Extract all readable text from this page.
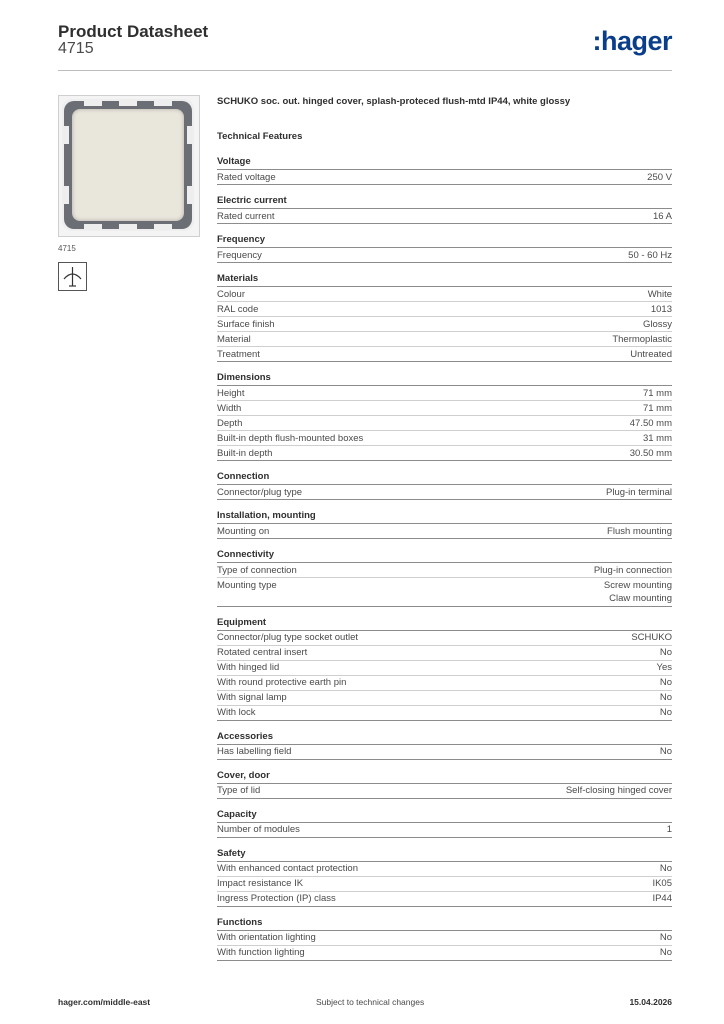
Product Datasheet
4715	:hager
4715
SCHUKO soc. out. hinged cover, splash-proteced flush-mtd IP44, white glossy
Technical Features
Voltage
Rated voltage	250 V
Electric current
Rated current	16 A
Frequency
Frequency	50 - 60 Hz
Materials
Colour	White
RAL code	1013
Surface finish	Glossy
Material	Thermoplastic
Treatment	Untreated
Dimensions
Height	71 mm
Width	71 mm
Depth	47.50 mm
Built-in depth flush-mounted boxes	31 mm
Built-in depth	30.50 mm
Connection
Connector/plug type	Plug-in terminal
Installation, mounting
Mounting on	Flush mounting
Connectivity
Type of connection	Plug-in connection
Mounting type	Screw mounting
Claw mounting
Equipment
Connector/plug type socket outlet	SCHUKO
Rotated central insert	No
With hinged lid	Yes
With round protective earth pin	No
With signal lamp	No
With lock	No
Accessories
Has labelling field	No
Cover, door
Type of lid	Self-closing hinged cover
Capacity
Number of modules	1
Safety
With enhanced contact protection	No
Impact resistance IK	IK05
Ingress Protection (IP) class	IP44
Functions
With orientation lighting	No
With function lighting	No
hager.com/middle-east	Subject to technical changes	15.04.2026
